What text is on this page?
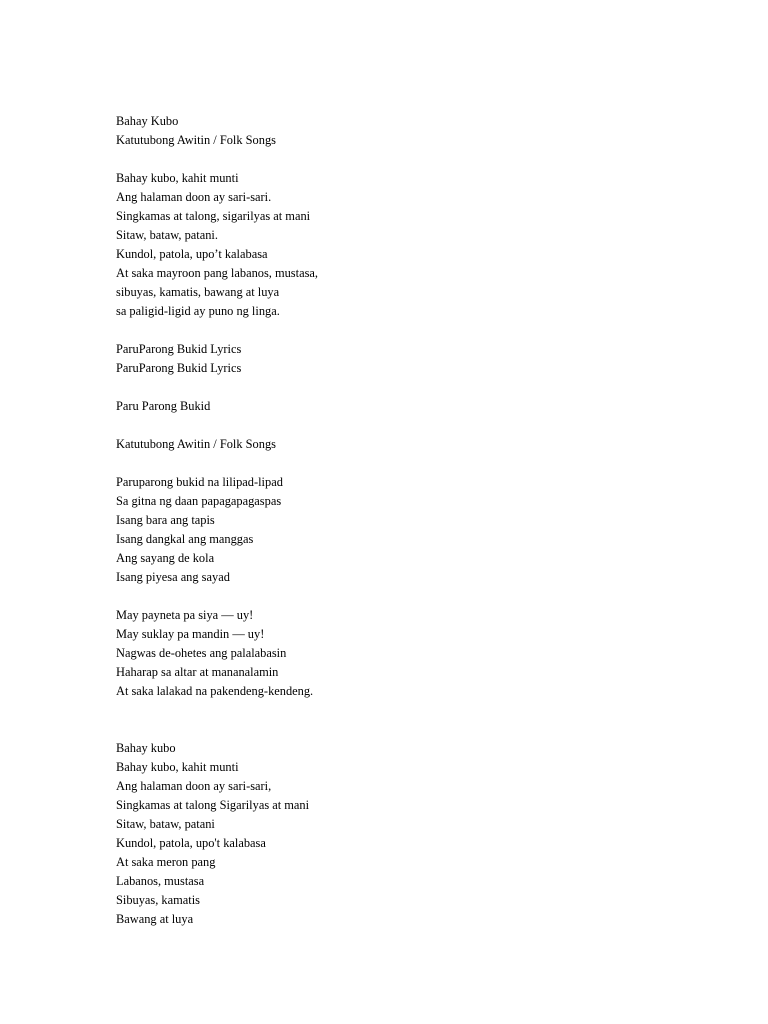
Bahay Kubo
Katutubong Awitin / Folk Songs
Bahay kubo, kahit munti
Ang halaman doon ay sari-sari.
Singkamas at talong, sigarilyas at mani
Sitaw, bataw, patani.
Kundol, patola, upo’t kalabasa
At saka mayroon pang labanos, mustasa,
sibuyas, kamatis, bawang at luya
sa paligid-ligid ay puno ng linga.
ParuParong Bukid Lyrics
ParuParong Bukid Lyrics
Paru Parong Bukid
Katutubong Awitin / Folk Songs
Paruparong bukid na lilipad-lipad
Sa gitna ng daan papagapagaspas
Isang bara ang tapis
Isang dangkal ang manggas
Ang sayang de kola
Isang piyesa ang sayad
May payneta pa siya — uy!
May suklay pa mandin — uy!
Nagwas de-ohetes ang palalabasin
Haharap sa altar at mananalamin
At saka lalakad na pakendeng-kendeng.
Bahay kubo
Bahay kubo, kahit munti
Ang halaman doon ay sari-sari,
Singkamas at talong Sigarilyas at mani
Sitaw, bataw, patani
Kundol, patola, upo't kalabasa
At saka meron pang
Labanos, mustasa
Sibuyas, kamatis
Bawang at luya
